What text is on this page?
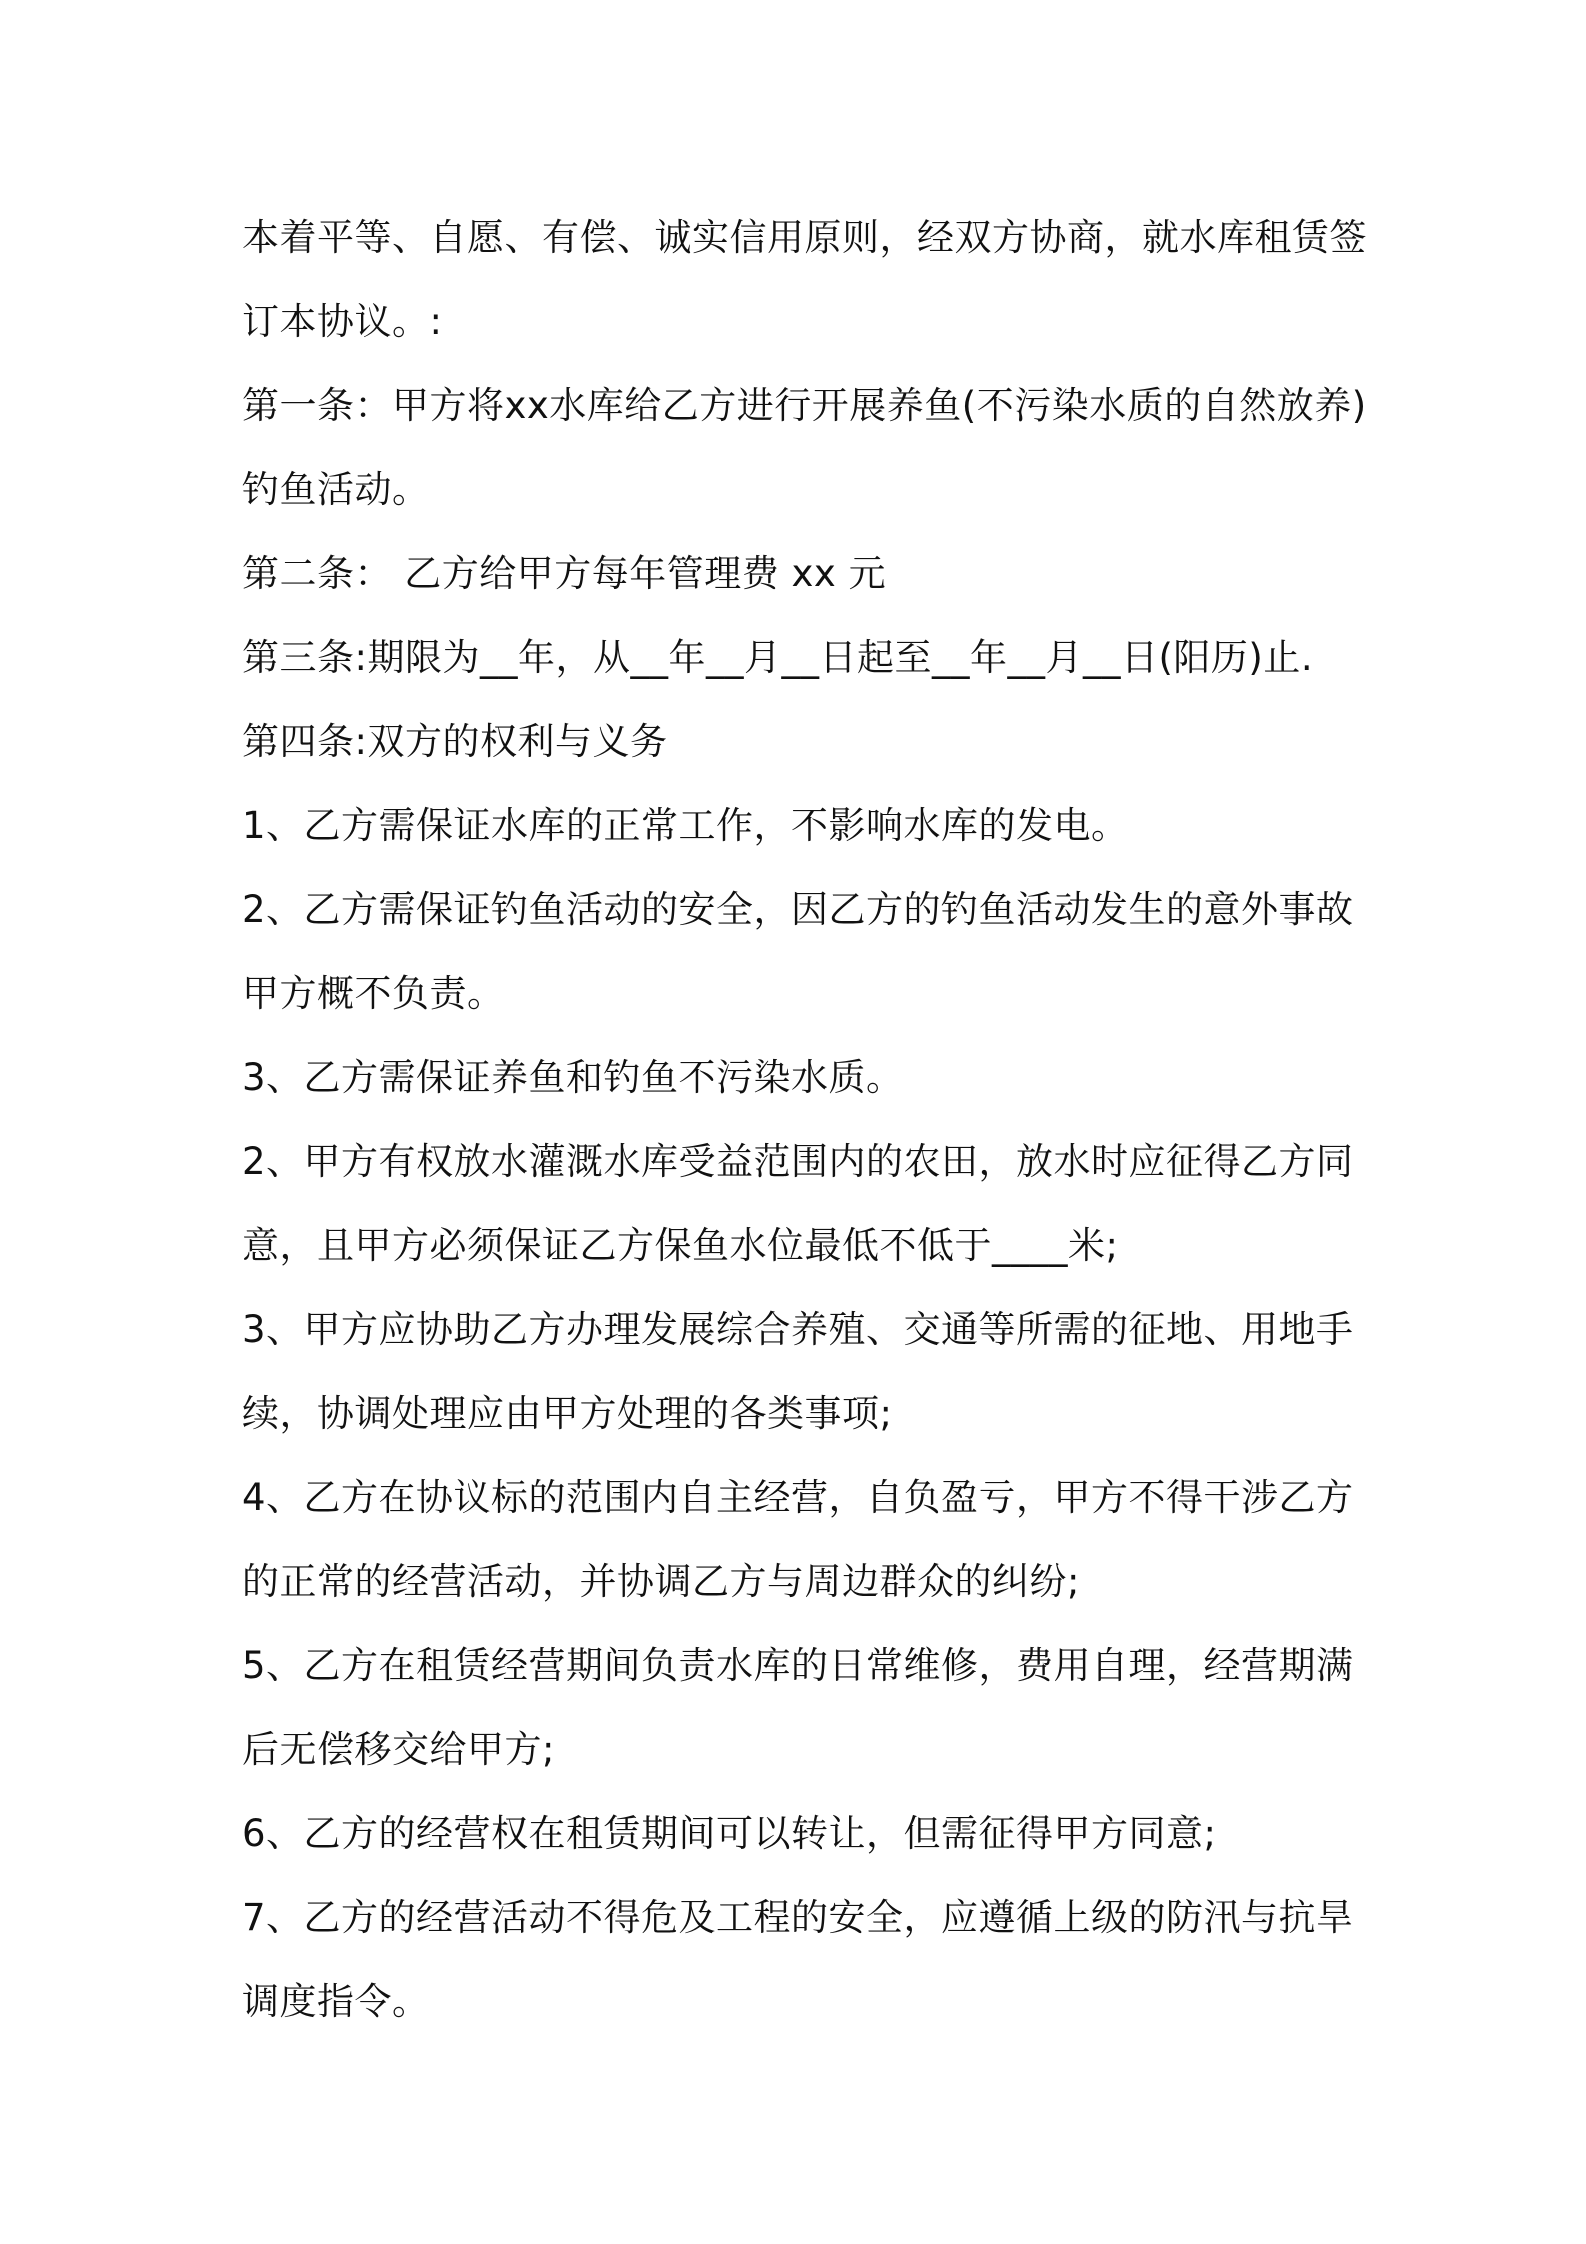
本着平等、自愿、有偿、诚实信用原则，经双方协商，就水库租赁签
订本协议。:
第一条：甲方将xx水库给乙方进行开展养鱼(不污染水质的自然放养)
钓鱼活动。
第二条： 乙方给甲方每年管理费 xx 元
第三条:期限为__年，从__年__月__日起至__年__月__日(阳历)止.
第四条:双方的权利与义务
1、乙方需保证水库的正常工作，不影响水库的发电。
2、乙方需保证钓鱼活动的安全，因乙方的钓鱼活动发生的意外事故
甲方概不负责。
3、乙方需保证养鱼和钓鱼不污染水质。
2、甲方有权放水灌溉水库受益范围内的农田，放水时应征得乙方同
意，且甲方必须保证乙方保鱼水位最低不低于____米;
3、甲方应协助乙方办理发展综合养殖、交通等所需的征地、用地手
续，协调处理应由甲方处理的各类事项;
4、乙方在协议标的范围内自主经营，自负盈亏，甲方不得干涉乙方
的正常的经营活动，并协调乙方与周边群众的纠纷;
5、乙方在租赁经营期间负责水库的日常维修，费用自理，经营期满
后无偿移交给甲方;
6、乙方的经营权在租赁期间可以转让，但需征得甲方同意;
7、乙方的经营活动不得危及工程的安全，应遵循上级的防汛与抗旱
调度指令。
